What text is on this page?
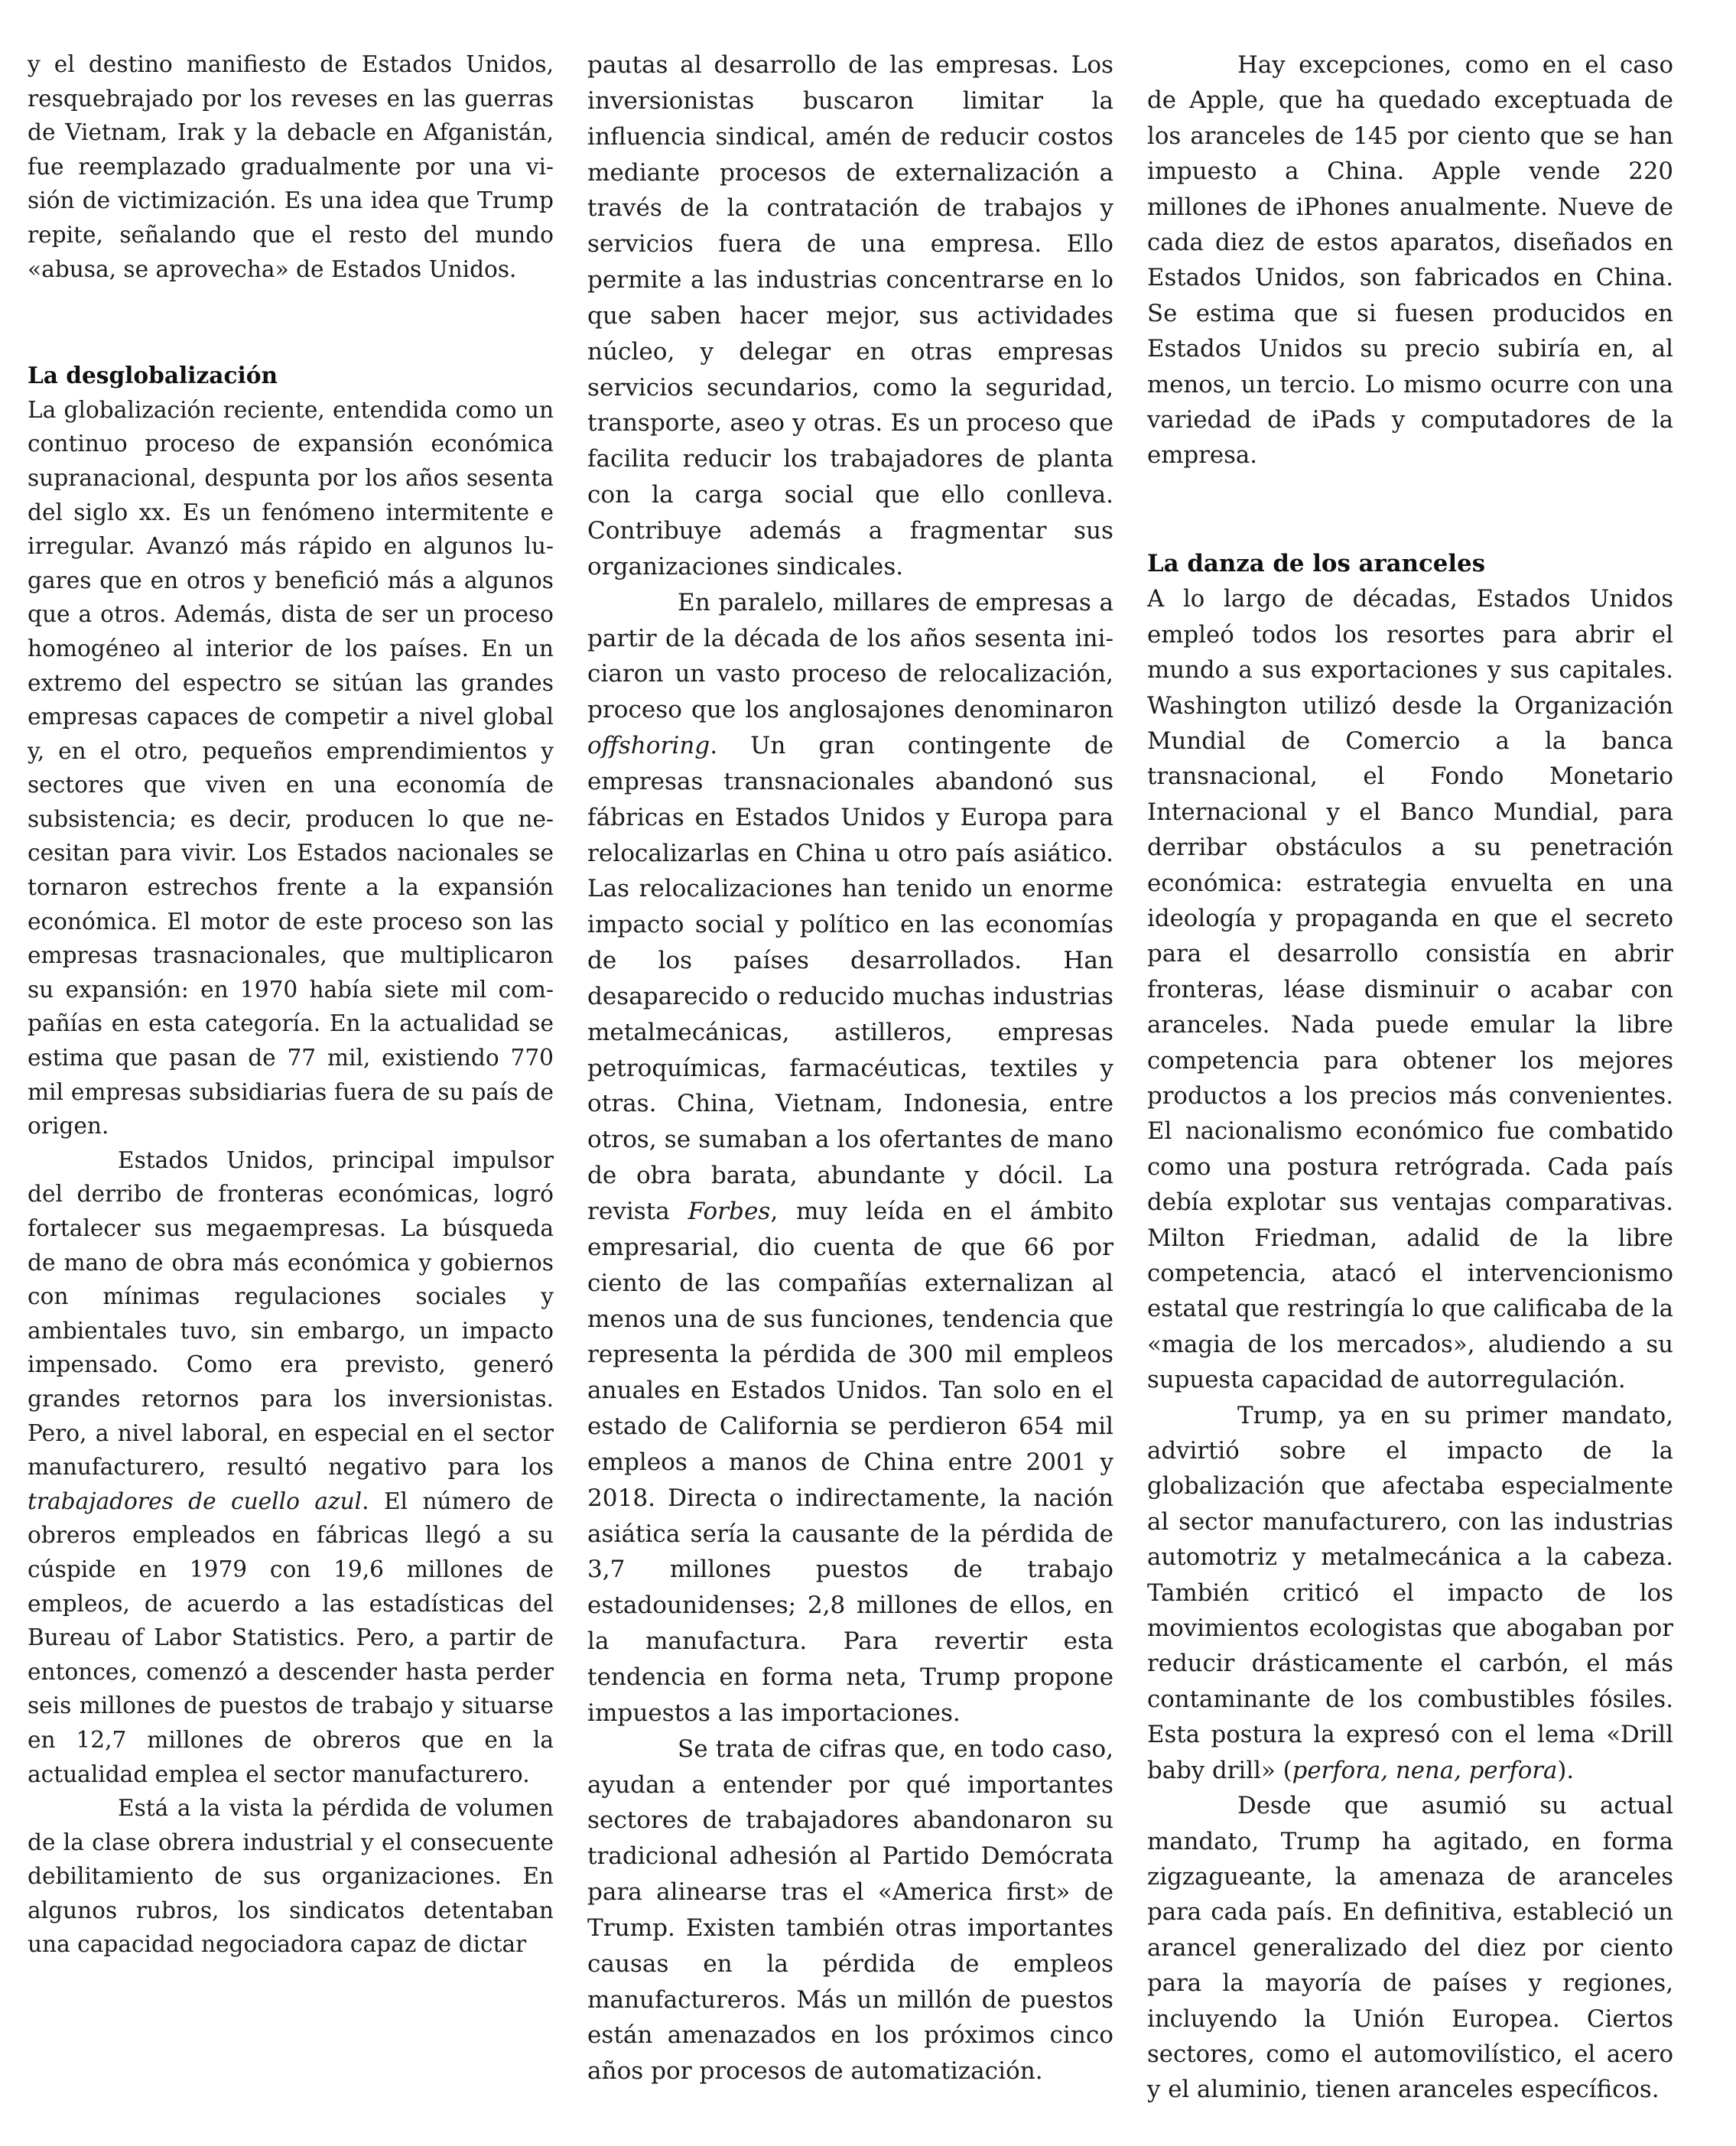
y el destino manifiesto de Estados Unidos, resquebrajado por los reveses en las guerras de Vietnam, Irak y la debacle en Afganistán, fue reemplazado gradualmente por una visión de victimización. Es una idea que Trump repite, señalando que el resto del mundo «abusa, se aprovecha» de Estados Unidos.

La desglobalización

La globalización reciente, entendida como un continuo proceso de expansión económica supranacional, despunta por los años sesenta del siglo xx. Es un fenómeno intermitente e irregular. Avanzó más rápido en algunos lugares que en otros y benefició más a algunos que a otros. Además, dista de ser un proceso homogéneo al interior de los países. En un extremo del espectro se sitúan las grandes empresas capaces de competir a nivel global y, en el otro, pequeños emprendimientos y sectores que viven en una economía de subsistencia; es decir, producen lo que necesitan para vivir. Los Estados nacionales se tornaron estrechos frente a la expansión económica. El motor de este proceso son las empresas trasnacionales, que multiplicaron su expansión: en 1970 había siete mil compañías en esta categoría. En la actualidad se estima que pasan de 77 mil, existiendo 770 mil empresas subsidiarias fuera de su país de origen.

Estados Unidos, principal impulsor del derribo de fronteras económicas, logró fortalecer sus megaempresas. La búsqueda de mano de obra más económica y gobiernos con mínimas regulaciones sociales y ambientales tuvo, sin embargo, un impacto impensado. Como era previsto, generó grandes retornos para los inversionistas. Pero, a nivel laboral, en especial en el sector manufacturero, resultó negativo para los trabajadores de cuello azul. El número de obreros empleados en fábricas llegó a su cúspide en 1979 con 19,6 millones de empleos, de acuerdo a las estadísticas del Bureau of Labor Statistics. Pero, a partir de entonces, comenzó a descender hasta perder seis millones de puestos de trabajo y situarse en 12,7 millones de obreros que en la actualidad emplea el sector manufacturero.

Está a la vista la pérdida de volumen de la clase obrera industrial y el consecuente debilitamiento de sus organizaciones. En algunos rubros, los sindicatos detentaban una capacidad negociadora capaz de dictar

pautas al desarrollo de las empresas. Los inversionistas buscaron limitar la influencia sindical, amén de reducir costos mediante procesos de externalización a través de la contratación de trabajos y servicios fuera de una empresa. Ello permite a las industrias concentrarse en lo que saben hacer mejor, sus actividades núcleo, y delegar en otras empresas servicios secundarios, como la seguridad, transporte, aseo y otras. Es un proceso que facilita reducir los trabajadores de planta con la carga social que ello conlleva. Contribuye además a fragmentar sus organizaciones sindicales.

En paralelo, millares de empresas a partir de la década de los años sesenta iniciaron un vasto proceso de relocalización, proceso que los anglosajones denominaron offshoring. Un gran contingente de empresas transnacionales abandonó sus fábricas en Estados Unidos y Europa para relocalizarlas en China u otro país asiático. Las relocalizaciones han tenido un enorme impacto social y político en las economías de los países desarrollados. Han desaparecido o reducido muchas industrias metalmecánicas, astilleros, empresas petroquímicas, farmacéuticas, textiles y otras. China, Vietnam, Indonesia, entre otros, se sumaban a los ofertantes de mano de obra barata, abundante y dócil. La revista Forbes, muy leída en el ámbito empresarial, dio cuenta de que 66 por ciento de las compañías externalizan al menos una de sus funciones, tendencia que representa la pérdida de 300 mil empleos anuales en Estados Unidos. Tan solo en el estado de California se perdieron 654 mil empleos a manos de China entre 2001 y 2018. Directa o indirectamente, la nación asiática sería la causante de la pérdida de 3,7 millones puestos de trabajo estadounidenses; 2,8 millones de ellos, en la manufactura. Para revertir esta tendencia en forma neta, Trump propone impuestos a las importaciones.

Se trata de cifras que, en todo caso, ayudan a entender por qué importantes sectores de trabajadores abandonaron su tradicional adhesión al Partido Demócrata para alinearse tras el «America first» de Trump. Existen también otras importantes causas en la pérdida de empleos manufactureros. Más un millón de puestos están amenazados en los próximos cinco años por procesos de automatización.

Hay excepciones, como en el caso de Apple, que ha quedado exceptuada de los aranceles de 145 por ciento que se han impuesto a China. Apple vende 220 millones de iPhones anualmente. Nueve de cada diez de estos aparatos, diseñados en Estados Unidos, son fabricados en China. Se estima que si fuesen producidos en Estados Unidos su precio subiría en, al menos, un tercio. Lo mismo ocurre con una variedad de iPads y computadores de la empresa.

La danza de los aranceles

A lo largo de décadas, Estados Unidos empleó todos los resortes para abrir el mundo a sus exportaciones y sus capitales. Washington utilizó desde la Organización Mundial de Comercio a la banca transnacional, el Fondo Monetario Internacional y el Banco Mundial, para derribar obstáculos a su penetración económica: estrategia envuelta en una ideología y propaganda en que el secreto para el desarrollo consistía en abrir fronteras, léase disminuir o acabar con aranceles. Nada puede emular la libre competencia para obtener los mejores productos a los precios más convenientes. El nacionalismo económico fue combatido como una postura retrógrada. Cada país debía explotar sus ventajas comparativas. Milton Friedman, adalid de la libre competencia, atacó el intervencionismo estatal que restringía lo que calificaba de la «magia de los mercados», aludiendo a su supuesta capacidad de autorregulación.

Trump, ya en su primer mandato, advirtió sobre el impacto de la globalización que afectaba especialmente al sector manufacturero, con las industrias automotriz y metalmecánica a la cabeza. También criticó el impacto de los movimientos ecologistas que abogaban por reducir drásticamente el carbón, el más contaminante de los combustibles fósiles. Esta postura la expresó con el lema «Drill baby drill» (perfora, nena, perfora).

Desde que asumió su actual mandato, Trump ha agitado, en forma zigzagueante, la amenaza de aranceles para cada país. En definitiva, estableció un arancel generalizado del diez por ciento para la mayoría de países y regiones, incluyendo la Unión Europea. Ciertos sectores, como el automovilístico, el acero y el aluminio, tienen aranceles específicos.
